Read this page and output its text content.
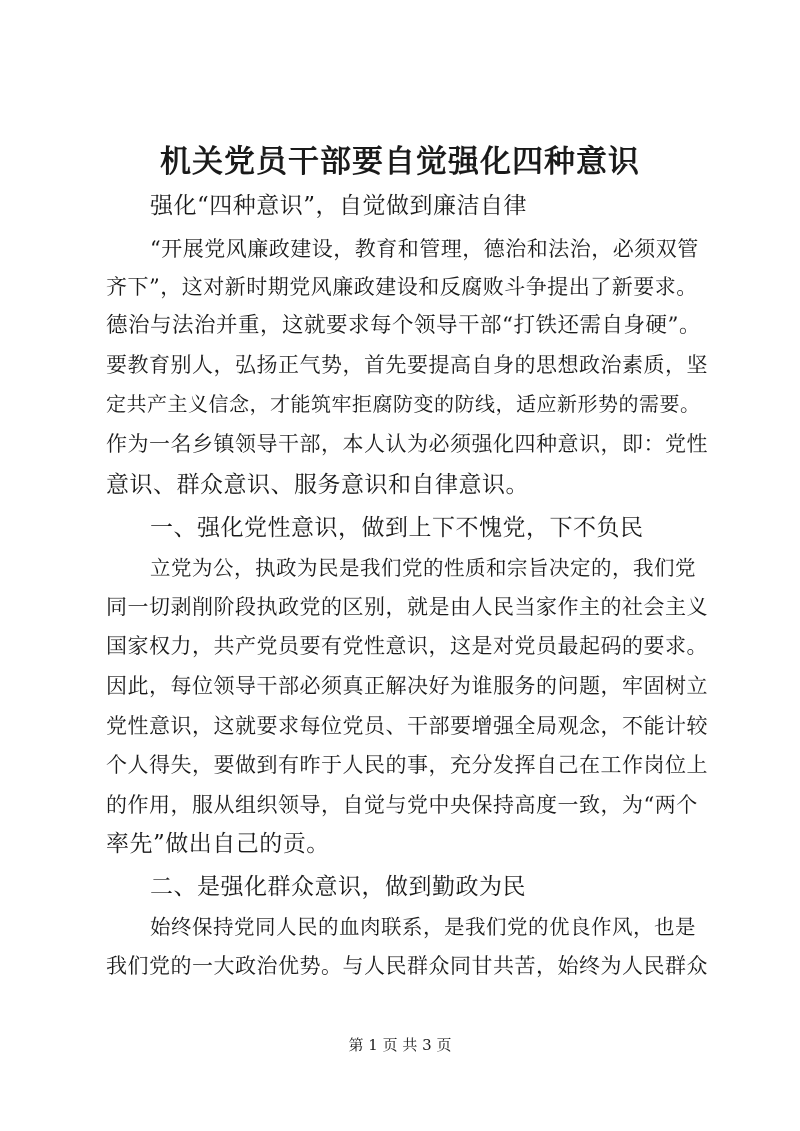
机关党员干部要自觉强化四种意识
强化“四种意识”，自觉做到廉洁自律
“开展党风廉政建设，教育和管理，德治和法治，必须双管
齐下”，这对新时期党风廉政建设和反腐败斗争提出了新要求。
德治与法治并重，这就要求每个领导干部“打铁还需自身硬”。
要教育别人，弘扬正气势，首先要提高自身的思想政治素质，坚
定共产主义信念，才能筑牢拒腐防变的防线，适应新形势的需要。
作为一名乡镇领导干部，本人认为必须强化四种意识，即：党性
意识、群众意识、服务意识和自律意识。
一、强化党性意识，做到上下不愧党，下不负民
立党为公，执政为民是我们党的性质和宗旨决定的，我们党
同一切剥削阶段执政党的区别，就是由人民当家作主的社会主义
国家权力，共产党员要有党性意识，这是对党员最起码的要求。
因此，每位领导干部必须真正解决好为谁服务的问题，牢固树立
党性意识，这就要求每位党员、干部要增强全局观念，不能计较
个人得失，要做到有昨于人民的事，充分发挥自己在工作岗位上
的作用，服从组织领导，自觉与党中央保持高度一致，为“两个
率先”做出自己的贡。
二、是强化群众意识，做到勤政为民
始终保持党同人民的血肉联系，是我们党的优良作风，也是
我们党的一大政治优势。与人民群众同甘共苦，始终为人民群众
第 1 页 共 3 页
